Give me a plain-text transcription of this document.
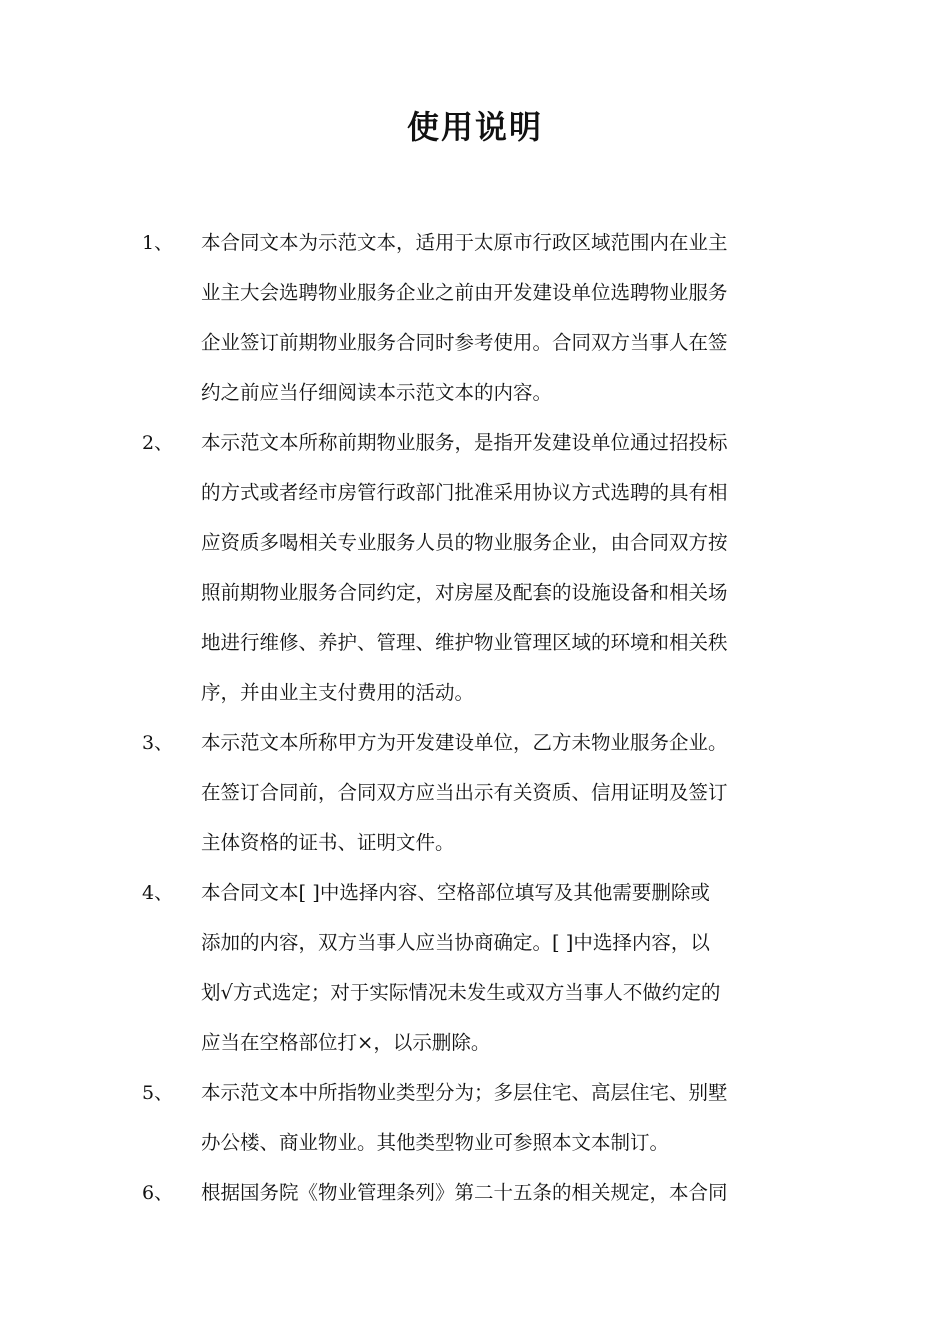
使用说明
1、 本合同文本为示范文本，适用于太原市行政区域范围内在业主
业主大会选聘物业服务企业之前由开发建设单位选聘物业服务
企业签订前期物业服务合同时参考使用。合同双方当事人在签
约之前应当仔细阅读本示范文本的内容。
2、 本示范文本所称前期物业服务，是指开发建设单位通过招投标
的方式或者经市房管行政部门批准采用协议方式选聘的具有相
应资质多喝相关专业服务人员的物业服务企业，由合同双方按
照前期物业服务合同约定，对房屋及配套的设施设备和相关场
地进行维修、养护、管理、维护物业管理区域的环境和相关秩
序，并由业主支付费用的活动。
3、 本示范文本所称甲方为开发建设单位，乙方未物业服务企业。
在签订合同前，合同双方应当出示有关资质、信用证明及签订
主体资格的证书、证明文件。
4、 本合同文本[ ]中选择内容、空格部位填写及其他需要删除或
添加的内容，双方当事人应当协商确定。[ ]中选择内容，以
划√方式选定；对于实际情况未发生或双方当事人不做约定的
应当在空格部位打×，以示删除。
5、 本示范文本中所指物业类型分为；多层住宅、高层住宅、别墅
办公楼、商业物业。其他类型物业可参照本文本制订。
6、 根据国务院《物业管理条列》第二十五条的相关规定，本合同
